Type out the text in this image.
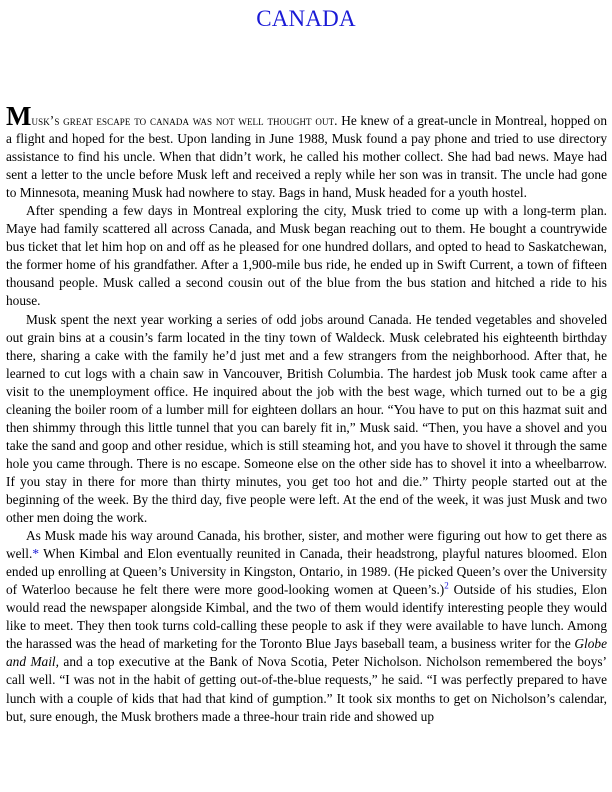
CANADA

Musk’s great escape to canada was not well thought out. He knew of a great-uncle in Montreal, hopped on a flight and hoped for the best. Upon landing in June 1988, Musk found a pay phone and tried to use directory assistance to find his uncle. When that didn’t work, he called his mother collect. She had bad news. Maye had sent a letter to the uncle before Musk left and received a reply while her son was in transit. The uncle had gone to Minnesota, meaning Musk had nowhere to stay. Bags in hand, Musk headed for a youth hostel.

After spending a few days in Montreal exploring the city, Musk tried to come up with a long-term plan. Maye had family scattered all across Canada, and Musk began reaching out to them. He bought a countrywide bus ticket that let him hop on and off as he pleased for one hundred dollars, and opted to head to Saskatchewan, the former home of his grandfather. After a 1,900-mile bus ride, he ended up in Swift Current, a town of fifteen thousand people. Musk called a second cousin out of the blue from the bus station and hitched a ride to his house.

Musk spent the next year working a series of odd jobs around Canada. He tended vegetables and shoveled out grain bins at a cousin’s farm located in the tiny town of Waldeck. Musk celebrated his eighteenth birthday there, sharing a cake with the family he’d just met and a few strangers from the neighborhood. After that, he learned to cut logs with a chain saw in Vancouver, British Columbia. The hardest job Musk took came after a visit to the unemployment office. He inquired about the job with the best wage, which turned out to be a gig cleaning the boiler room of a lumber mill for eighteen dollars an hour. “You have to put on this hazmat suit and then shimmy through this little tunnel that you can barely fit in,” Musk said. “Then, you have a shovel and you take the sand and goop and other residue, which is still steaming hot, and you have to shovel it through the same hole you came through. There is no escape. Someone else on the other side has to shovel it into a wheelbarrow. If you stay in there for more than thirty minutes, you get too hot and die.” Thirty people started out at the beginning of the week. By the third day, five people were left. At the end of the week, it was just Musk and two other men doing the work.

As Musk made his way around Canada, his brother, sister, and mother were figuring out how to get there as well.* When Kimbal and Elon eventually reunited in Canada, their headstrong, playful natures bloomed. Elon ended up enrolling at Queen’s University in Kingston, Ontario, in 1989. (He picked Queen’s over the University of Waterloo because he felt there were more good-looking women at Queen’s.)$^2$ Outside of his studies, Elon would read the newspaper alongside Kimbal, and the two of them would identify interesting people they would like to meet. They then took turns cold-calling these people to ask if they were available to have lunch. Among the harassed was the head of marketing for the Toronto Blue Jays baseball team, a business writer for the Globe and Mail, and a top executive at the Bank of Nova Scotia, Peter Nicholson. Nicholson remembered the boys’ call well. “I was not in the habit of getting out-of-the-blue requests,” he said. “I was perfectly prepared to have lunch with a couple of kids that had that kind of gumption.” It took six months to get on Nicholson’s calendar, but, sure enough, the Musk brothers made a three-hour train ride and showed up
